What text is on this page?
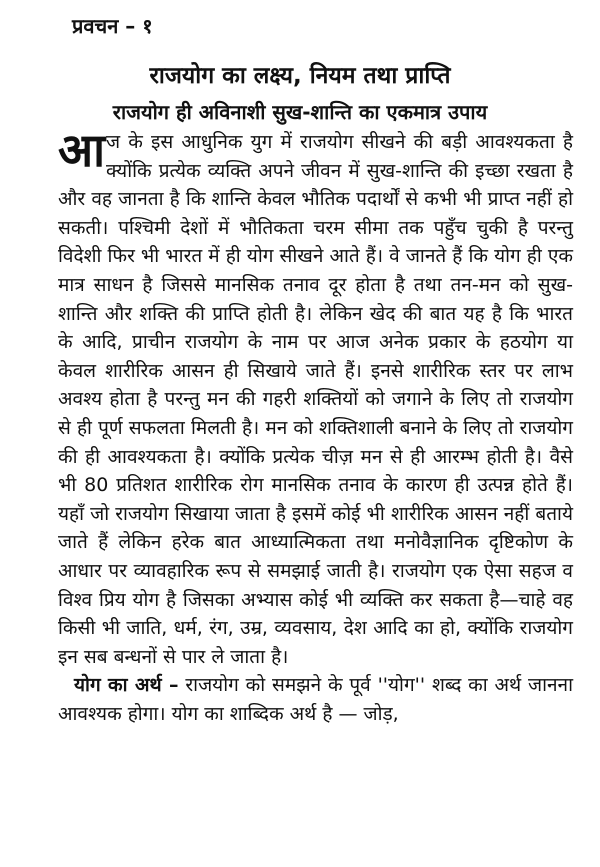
प्रवचन – १
राजयोग का लक्ष्य, नियम तथा प्राप्ति
राजयोग ही अविनाशी सुख-शान्ति का एकमात्र उपाय

आज के इस आधुनिक युग में राजयोग सीखने की बड़ी आवश्यकता है क्योंकि प्रत्येक व्यक्ति अपने जीवन में सुख-शान्ति की इच्छा रखता है और वह जानता है कि शान्ति केवल भौतिक पदार्थों से कभी भी प्राप्त नहीं हो सकती। पश्चिमी देशों में भौतिकता चरम सीमा तक पहुँच चुकी है परन्तु विदेशी फिर भी भारत में ही योग सीखने आते हैं। वे जानते हैं कि योग ही एक मात्र साधन है जिससे मानसिक तनाव दूर होता है तथा तन-मन को सुख-शान्ति और शक्ति की प्राप्ति होती है। लेकिन खेद की बात यह है कि भारत के आदि, प्राचीन राजयोग के नाम पर आज अनेक प्रकार के हठयोग या केवल शारीरिक आसन ही सिखाये जाते हैं। इनसे शारीरिक स्तर पर लाभ अवश्य होता है परन्तु मन की गहरी शक्तियों को जगाने के लिए तो राजयोग से ही पूर्ण सफलता मिलती है। मन को शक्तिशाली बनाने के लिए तो राजयोग की ही आवश्यकता है। क्योंकि प्रत्येक चीज़ मन से ही आरम्भ होती है। वैसे भी 80 प्रतिशत शारीरिक रोग मानसिक तनाव के कारण ही उत्पन्न होते हैं। यहाँ जो राजयोग सिखाया जाता है इसमें कोई भी शारीरिक आसन नहीं बताये जाते हैं लेकिन हरेक बात आध्यात्मिकता तथा मनोवैज्ञानिक दृष्टिकोण के आधार पर व्यावहारिक रूप से समझाई जाती है। राजयोग एक ऐसा सहज व विश्व प्रिय योग है जिसका अभ्यास कोई भी व्यक्ति कर सकता है—चाहे वह किसी भी जाति, धर्म, रंग, उम्र, व्यवसाय, देश आदि का हो, क्योंकि राजयोग इन सब बन्धनों से पार ले जाता है।

योग का अर्थ – राजयोग को समझने के पूर्व ''योग'' शब्द का अर्थ जानना आवश्यक होगा। योग का शाब्दिक अर्थ है — जोड़,
